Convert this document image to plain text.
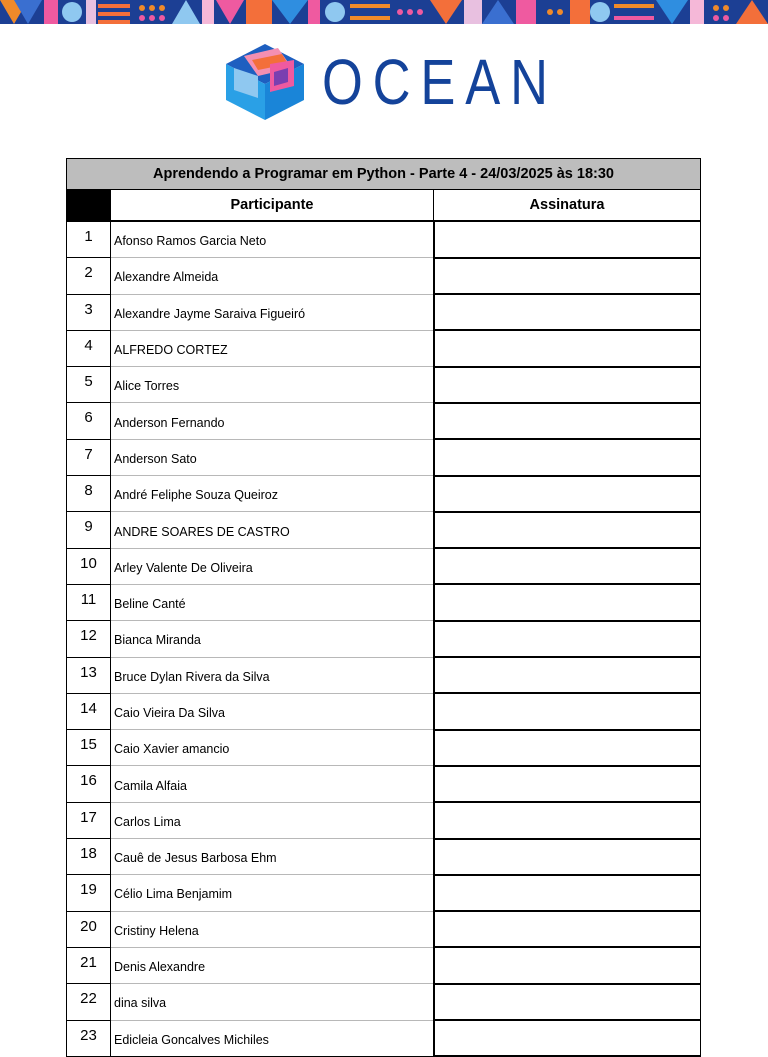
OCEAN
Aprendendo a Programar em Python - Parte 4 - 24/03/2025 às 18:30		
	Participante	Assinatura
1	Afonso Ramos Garcia Neto	
2	Alexandre Almeida	
3	Alexandre Jayme Saraiva Figueiró	
4	ALFREDO CORTEZ	
5	Alice Torres	
6	Anderson Fernando	
7	Anderson Sato	
8	André Feliphe Souza Queiroz	
9	ANDRE SOARES DE CASTRO	
10	Arley Valente De Oliveira	
11	Beline Canté	
12	Bianca Miranda	
13	Bruce Dylan Rivera da Silva	
14	Caio Vieira Da Silva	
15	Caio Xavier amancio	
16	Camila Alfaia	
17	Carlos Lima	
18	Cauê de Jesus Barbosa Ehm	
19	Célio Lima Benjamim	
20	Cristiny Helena	
21	Denis Alexandre	
22	dina silva	
23	Edicleia Goncalves Michiles	
